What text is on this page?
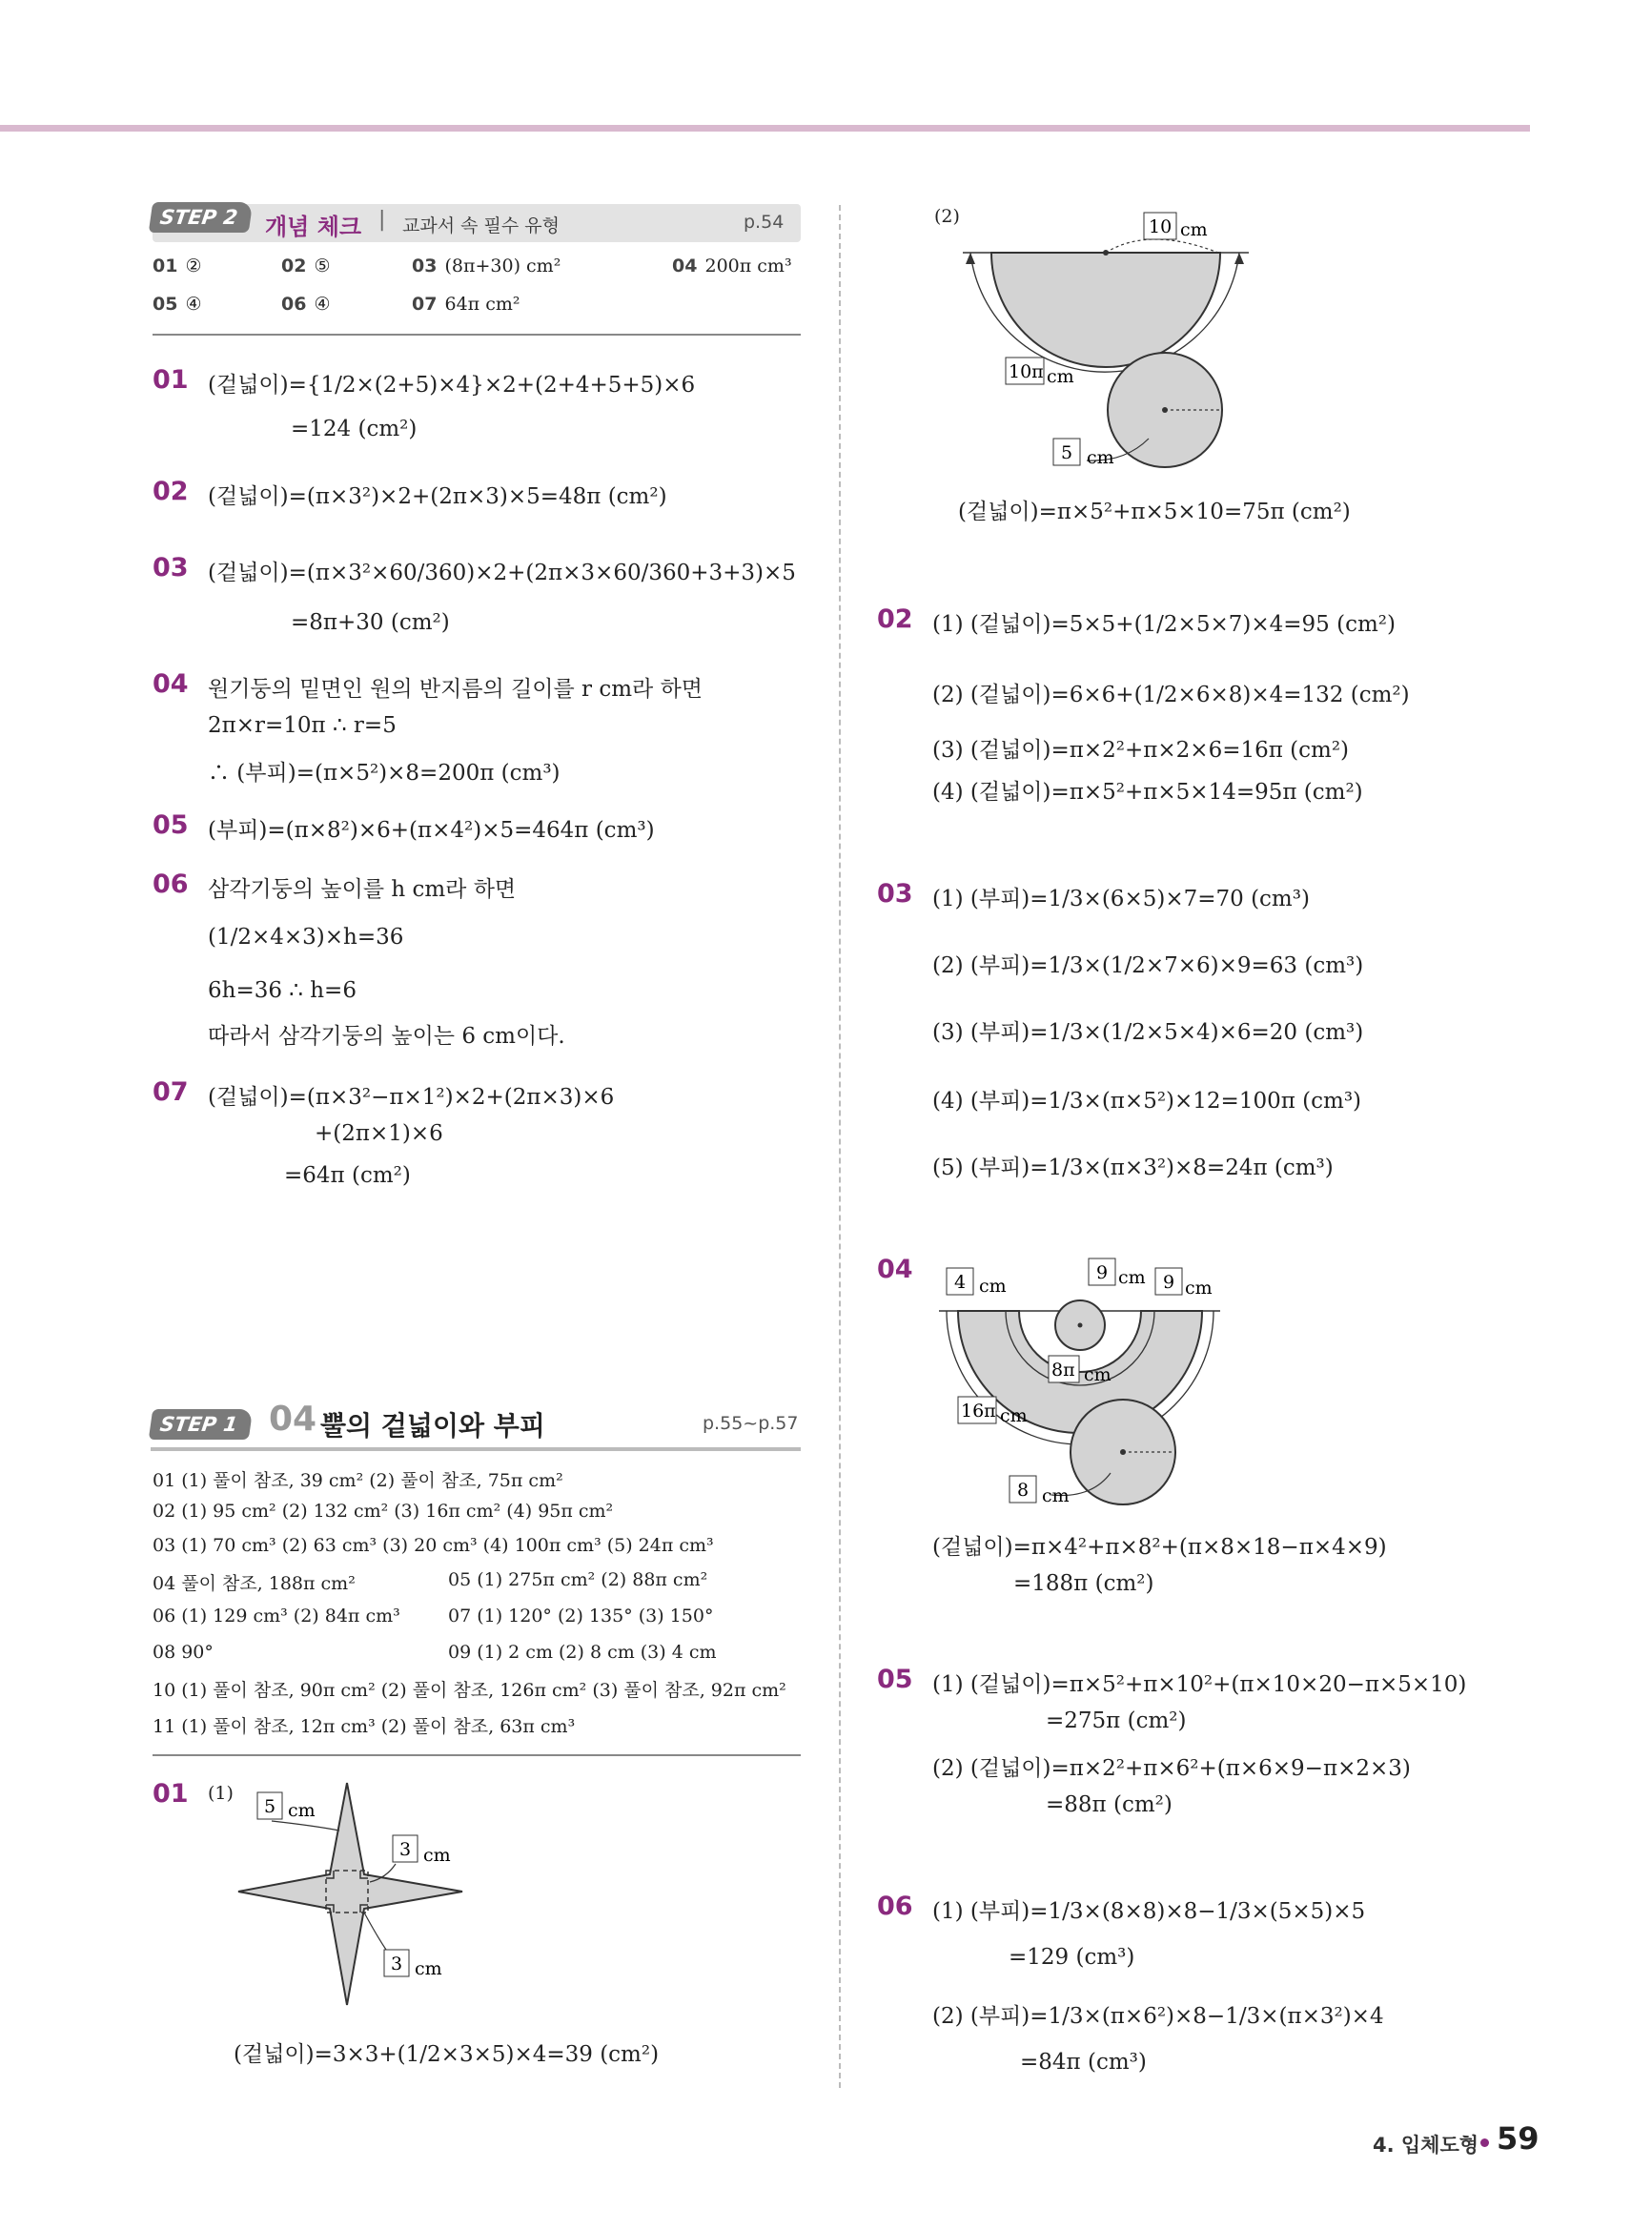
STEP 2	개념 체크 | 교과서 속 필수 유형	p.54
01 ②	02 ⑤	03 (8π+30) cm²	04 200π cm³
05 ④	06 ④	07 64π cm²
01 (겉넓이)={1/2×(2+5)×4}×2+(2+4+5+5)×6
=124 (cm²)
02 (겉넓이)=(π×3²)×2+(2π×3)×5=48π (cm²)
03 (겉넓이)=(π×3²×60/360)×2+(2π×3×60/360+3+3)×5
=8π+30 (cm²)
04 원기둥의 밑면인 원의 반지름의 길이를 r cm라 하면
2π×r=10π ∴ r=5
∴ (부피)=(π×5²)×8=200π (cm³)
05 (부피)=(π×8²)×6+(π×4²)×5=464π (cm³)
06 삼각기둥의 높이를 h cm라 하면
(1/2×4×3)×h=36
6h=36 ∴ h=6
따라서 삼각기둥의 높이는 6 cm이다.
07 (겉넓이)=(π×3²−π×1²)×2+(2π×3)×6
+(2π×1)×6
=64π (cm²)
STEP 1 04 뿔의 겉넓이와 부피	p.55~p.57
01 (1) 풀이 참조, 39 cm² (2) 풀이 참조, 75π cm²
02 (1) 95 cm² (2) 132 cm² (3) 16π cm² (4) 95π cm²
03 (1) 70 cm³ (2) 63 cm³ (3) 20 cm³ (4) 100π cm³ (5) 24π cm³
04 풀이 참조, 188π cm²	05 (1) 275π cm² (2) 88π cm²
06 (1) 129 cm³ (2) 84π cm³	07 (1) 120° (2) 135° (3) 150°
08 90°	09 (1) 2 cm (2) 8 cm (3) 4 cm
10 (1) 풀이 참조, 90π cm² (2) 풀이 참조, 126π cm² (3) 풀이 참조, 92π cm²
11 (1) 풀이 참조, 12π cm³ (2) 풀이 참조, 63π cm³
01 (1)
5 cm
3 cm
3 cm
(겉넓이)=3×3+(1/2×3×5)×4=39 (cm²)
(2)	10 cm
10π cm
5 cm
(겉넓이)=π×5²+π×5×10=75π (cm²)
02 (1) (겉넓이)=5×5+(1/2×5×7)×4=95 (cm²)
(2) (겉넓이)=6×6+(1/2×6×8)×4=132 (cm²)
(3) (겉넓이)=π×2²+π×2×6=16π (cm²)
(4) (겉넓이)=π×5²+π×5×14=95π (cm²)
03 (1) (부피)=1/3×(6×5)×7=70 (cm³)
(2) (부피)=1/3×(1/2×7×6)×9=63 (cm³)
(3) (부피)=1/3×(1/2×5×4)×6=20 (cm³)
(4) (부피)=1/3×(π×5²)×12=100π (cm³)
(5) (부피)=1/3×(π×3²)×8=24π (cm³)
04 4 cm
9 cm 9 cm
8π cm
16π cm
8 cm
(겉넓이)=π×4²+π×8²+(π×8×18−π×4×9)
=188π (cm²)
05 (1) (겉넓이)=π×5²+π×10²+(π×10×20−π×5×10)
=275π (cm²)
(2) (겉넓이)=π×2²+π×6²+(π×6×9−π×2×3)
=88π (cm²)
06 (1) (부피)=1/3×(8×8)×8−1/3×(5×5)×5
=129 (cm³)
(2) (부피)=1/3×(π×6²)×8−1/3×(π×3²)×4
=84π (cm³)
4. 입체도형 59
